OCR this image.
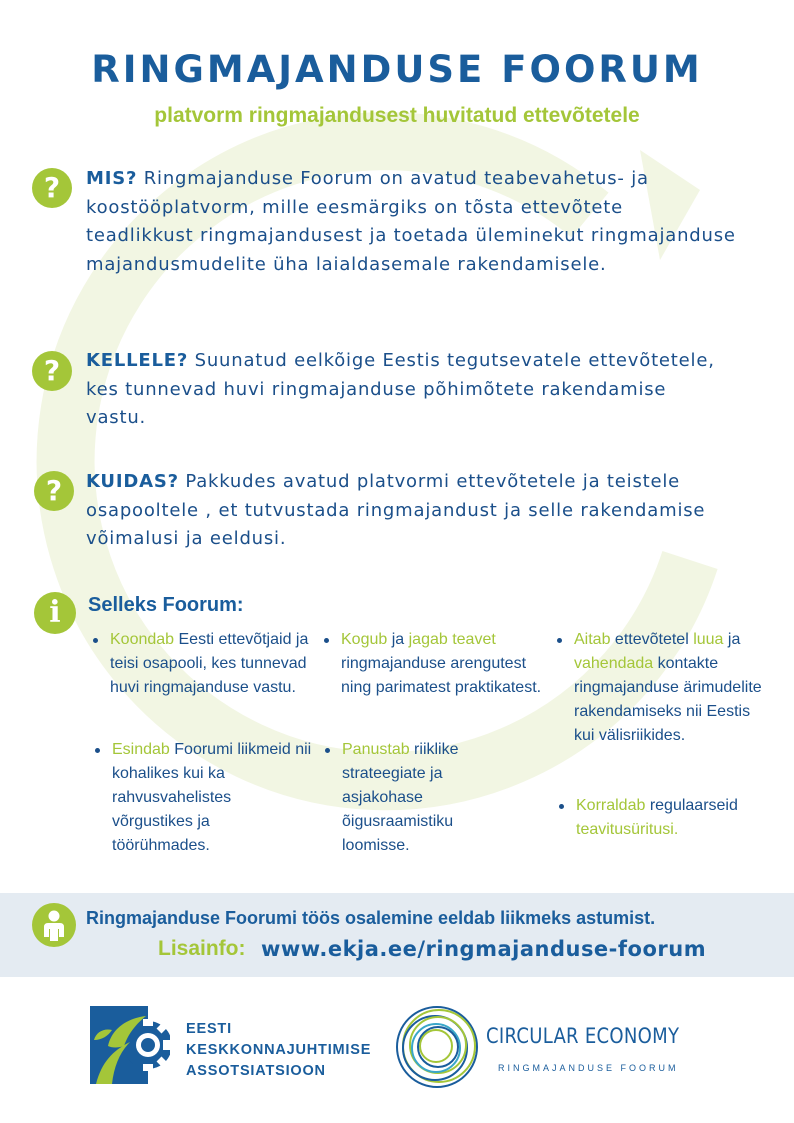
RINGMAJANDUSE FOORUM
platvorm ringmajandusest huvitatud ettevõtetele
?	MIS? Ringmajanduse Foorum on avatud teabevahetus- ja koostööplatvorm, mille eesmärgiks on tõsta ettevõtete teadlikkust ringmajandusest ja toetada üleminekut ringmajanduse majandusmudelite üha laialdasemale rakendamisele.
?	KELLELE? Suunatud eelkõige Eestis tegutsevatele ettevõtetele, kes tunnevad huvi ringmajanduse põhimõtete rakendamise vastu.
?	KUIDAS? Pakkudes avatud platvormi ettevõtetele ja teistele osapooltele , et tutvustada ringmajandust ja selle rakendamise võimalusi ja eeldusi.
i	Selleks Foorum:
Koondab Eesti ettevõtjaid ja teisi osapooli, kes tunnevad huvi ringmajanduse vastu.
Esindab Foorumi liikmeid nii kohalikes kui ka rahvusvahelistes võrgustikes ja töörühmades.
Kogub ja jagab teavet ringmajanduse arengutest ning parimatest praktikatest.
Panustab riiklike strateegiate ja asjakohase õigusraamistiku loomisse.
Aitab ettevõtetel luua ja vahendada kontakte ringmajanduse ärimudelite rakendamiseks nii Eestis kui välisriikides.
Korraldab regulaarseid teavitusüritusi.
Ringmajanduse Foorumi töös osalemine eeldab liikmeks astumist.
Lisainfo: www.ekja.ee/ringmajanduse-foorum
EESTI
KESKKONNAJUHTIMISE
ASSOTSIATSIOON
CIRCULAR ECONOMY
RINGMAJANDUSE FOORUM
